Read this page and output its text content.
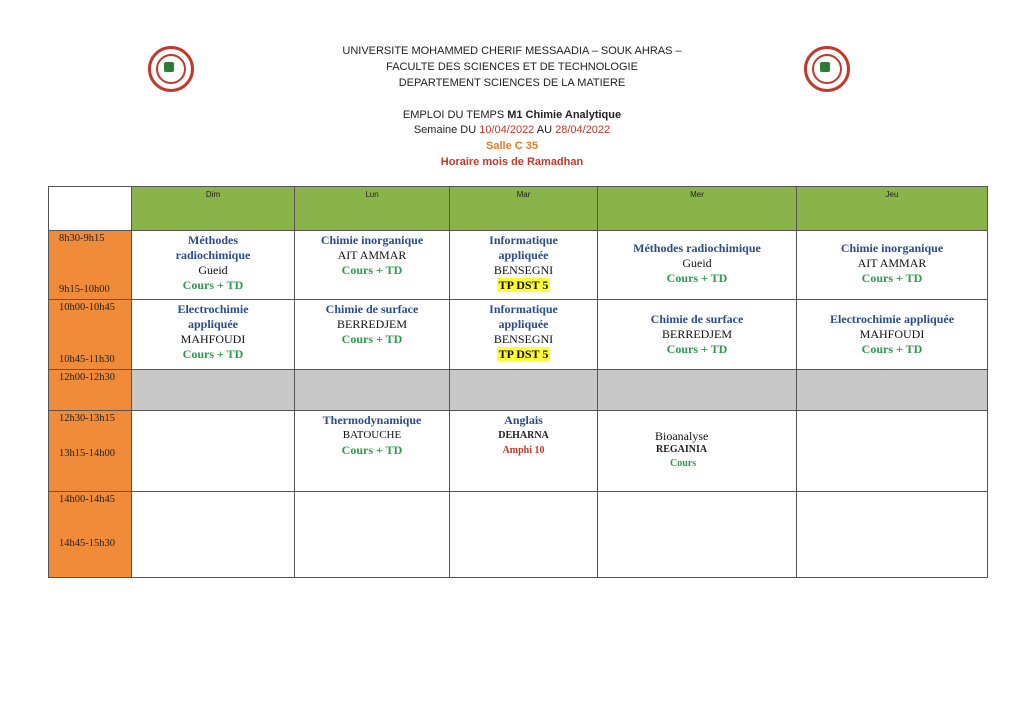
UNIVERSITE MOHAMMED CHERIF MESSAADIA – SOUK AHRAS –
FACULTE DES SCIENCES ET DE TECHNOLOGIE
DEPARTEMENT SCIENCES DE LA MATIERE
EMPLOI DU TEMPS M1 Chimie Analytique
Semaine DU 10/04/2022 AU 28/04/2022
Salle C 35
Horaire mois de Ramadhan
	Dim	Lun	Mar	Mer	Jeu

8h30-9h15
9h15-10h00	Méthodes
radiochimique
Gueid
Cours + TD	Chimie inorganique
AIT AMMAR
Cours + TD	Informatique
appliquée
BENSEGNI
TP DST 5	Méthodes radiochimique
Gueid
Cours + TD	Chimie inorganique
AIT AMMAR
Cours + TD

10h00-10h45
10h45-11h30	Electrochimie
appliquée
MAHFOUDI
Cours + TD	Chimie de surface
BERREDJEM
Cours + TD	Informatique
appliquée
BENSEGNI
TP DST 5	Chimie de surface
BERREDJEM
Cours + TD	Electrochimie appliquée
MAHFOUDI
Cours + TD

12h00-12h30					

12h30-13h15
13h15-14h00		Thermodynamique
BATOUCHE
Cours + TD	Anglais
DEHARNA
Amphi 10	Bioanalyse
REGAINIA
Cours	

14h00-14h45
14h45-15h30					
